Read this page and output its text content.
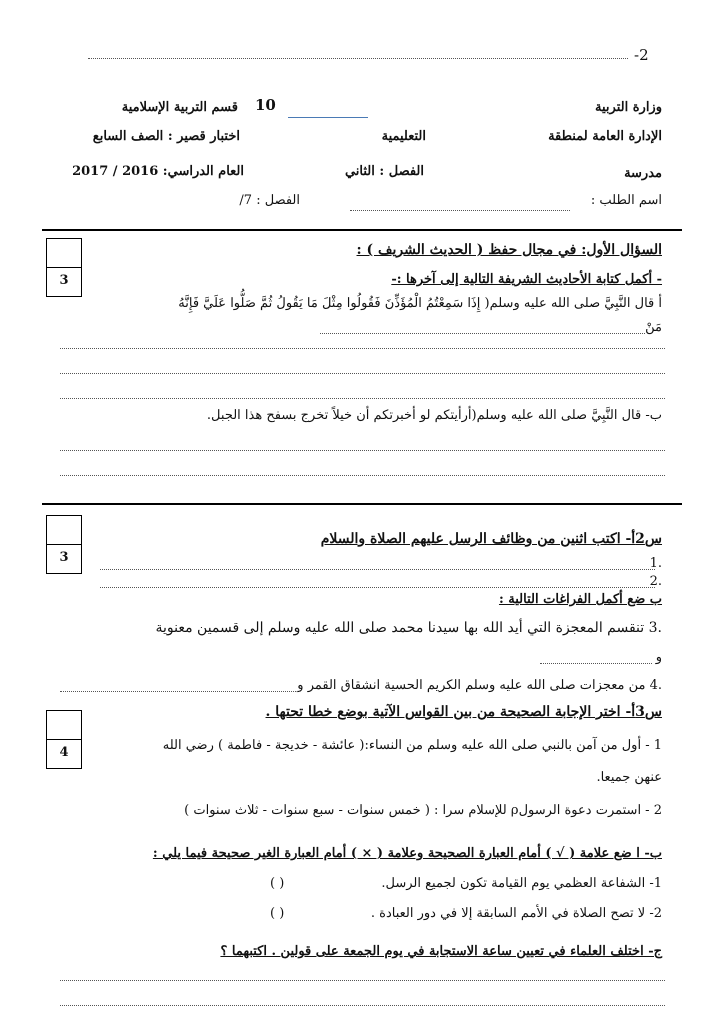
-2
وزارة التربية
10
قسم التربية الإسلامية
الإدارة العامة لمنطقة
التعليمية
اختبار قصير : الصف السابع
مدرسة
الفصل : الثاني
العام الدراسي: 2016 / 2017
اسم الطلب :
الفصل : 7/
3
السؤال الأول: في مجال حفظ ( الحديث الشريف ) :
- أكمل كتابة الأحاديث الشريفة التالية إلى آخرها :-
أ قال النَّبِيَّ صلى الله عليه وسلم( إِذَا سَمِعْتُمُ الْمُؤَذِّنَ فَقُولُوا مِثْلَ مَا يَقُولُ ثُمَّ صَلُّوا عَلَيَّ فَإِنَّهُ
مَنْ
ب- قال النَّبِيَّ صلى الله عليه وسلم(أرأيتكم لو أخبرتكم أن خيلاً تخرج بسفح هذا الجبل.
3
س2أ- اكتب اثنين من وظائف الرسل عليهم الصلاة والسلام
.1
.2
ب ضع أكمل الفراغات التالية :
.3 تنقسم المعجزة التي أيد الله بها سيدنا محمد صلى الله عليه وسلم إلى قسمين معنوية
و
.4 من معجزات صلى الله عليه وسلم الكريم الحسية انشقاق القمر و
س3أ- اختر الإجابة الصحيحة من بين القواس الآتية بوضع خطا تحتها .
4	1 - أول من آمن بالنبي صلى الله عليه وسلم من النساء:( عائشة - خديجة - فاطمة ) رضي الله
عنهن جميعا.
2 - استمرت دعوة الرسولρ للإسلام سرا : ( خمس سنوات - سبع سنوات - ثلاث سنوات )
ب- ا ضع علامة ( √ ) أمام العبارة الصحيحة وعلامة ( × ) أمام العبارة الغير صحيحة فيما يلي :
1- الشفاعة العظمي يوم القيامة تكون لجميع الرسل.
( )
2- لا تصح الصلاة في الأمم السابقة إلا في دور العبادة .
( )
ج- اختلف العلماء في تعيين ساعة الاستجابة في يوم الجمعة على قولين . اكتبهما ؟
